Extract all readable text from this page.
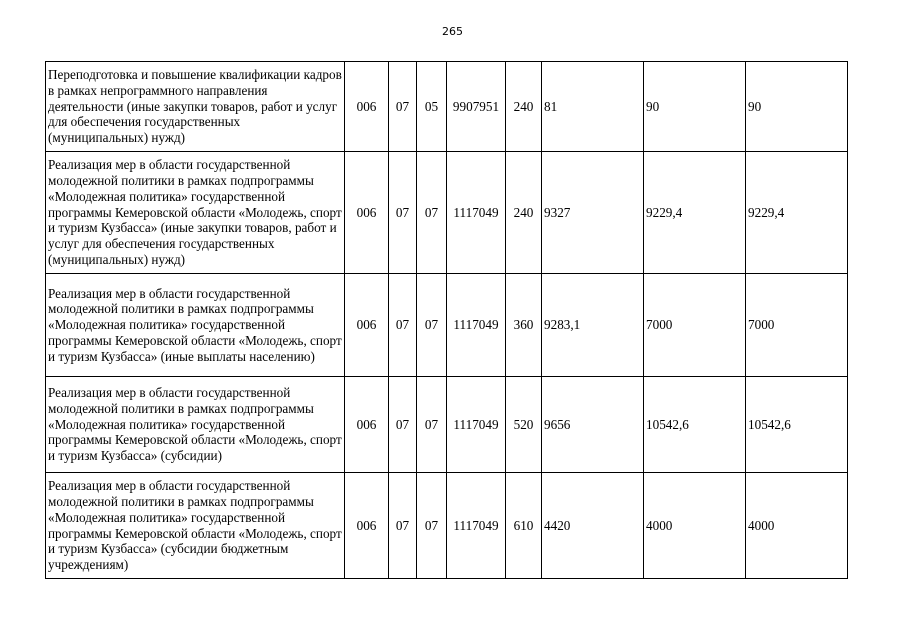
265
Переподготовка и повышение квалификации кадров в рамках непрограммного направления деятельности (иные закупки товаров, работ и услуг для обеспечения государственных (муниципальных) нужд)	006	07	05	9907951	240	81	90	90
Реализация мер в области государственной молодежной политики в рамках подпрограммы «Молодежная политика» государственной программы Кемеровской области «Молодежь, спорт и туризм Кузбасса» (иные закупки товаров, работ и услуг для обеспечения государственных (муниципальных) нужд)	006	07	07	1117049	240	9327	9229,4	9229,4
Реализация мер в области государственной молодежной политики в рамках подпрограммы «Молодежная политика» государственной программы Кемеровской области «Молодежь, спорт и туризм Кузбасса» (иные выплаты населению)	006	07	07	1117049	360	9283,1	7000	7000
Реализация мер в области государственной молодежной политики в рамках подпрограммы «Молодежная политика» государственной программы Кемеровской области «Молодежь, спорт и туризм Кузбасса» (субсидии)	006	07	07	1117049	520	9656	10542,6	10542,6
Реализация мер в области государственной молодежной политики в рамках подпрограммы «Молодежная политика» государственной программы Кемеровской области «Молодежь, спорт и туризм Кузбасса» (субсидии бюджетным учреждениям)	006	07	07	1117049	610	4420	4000	4000
